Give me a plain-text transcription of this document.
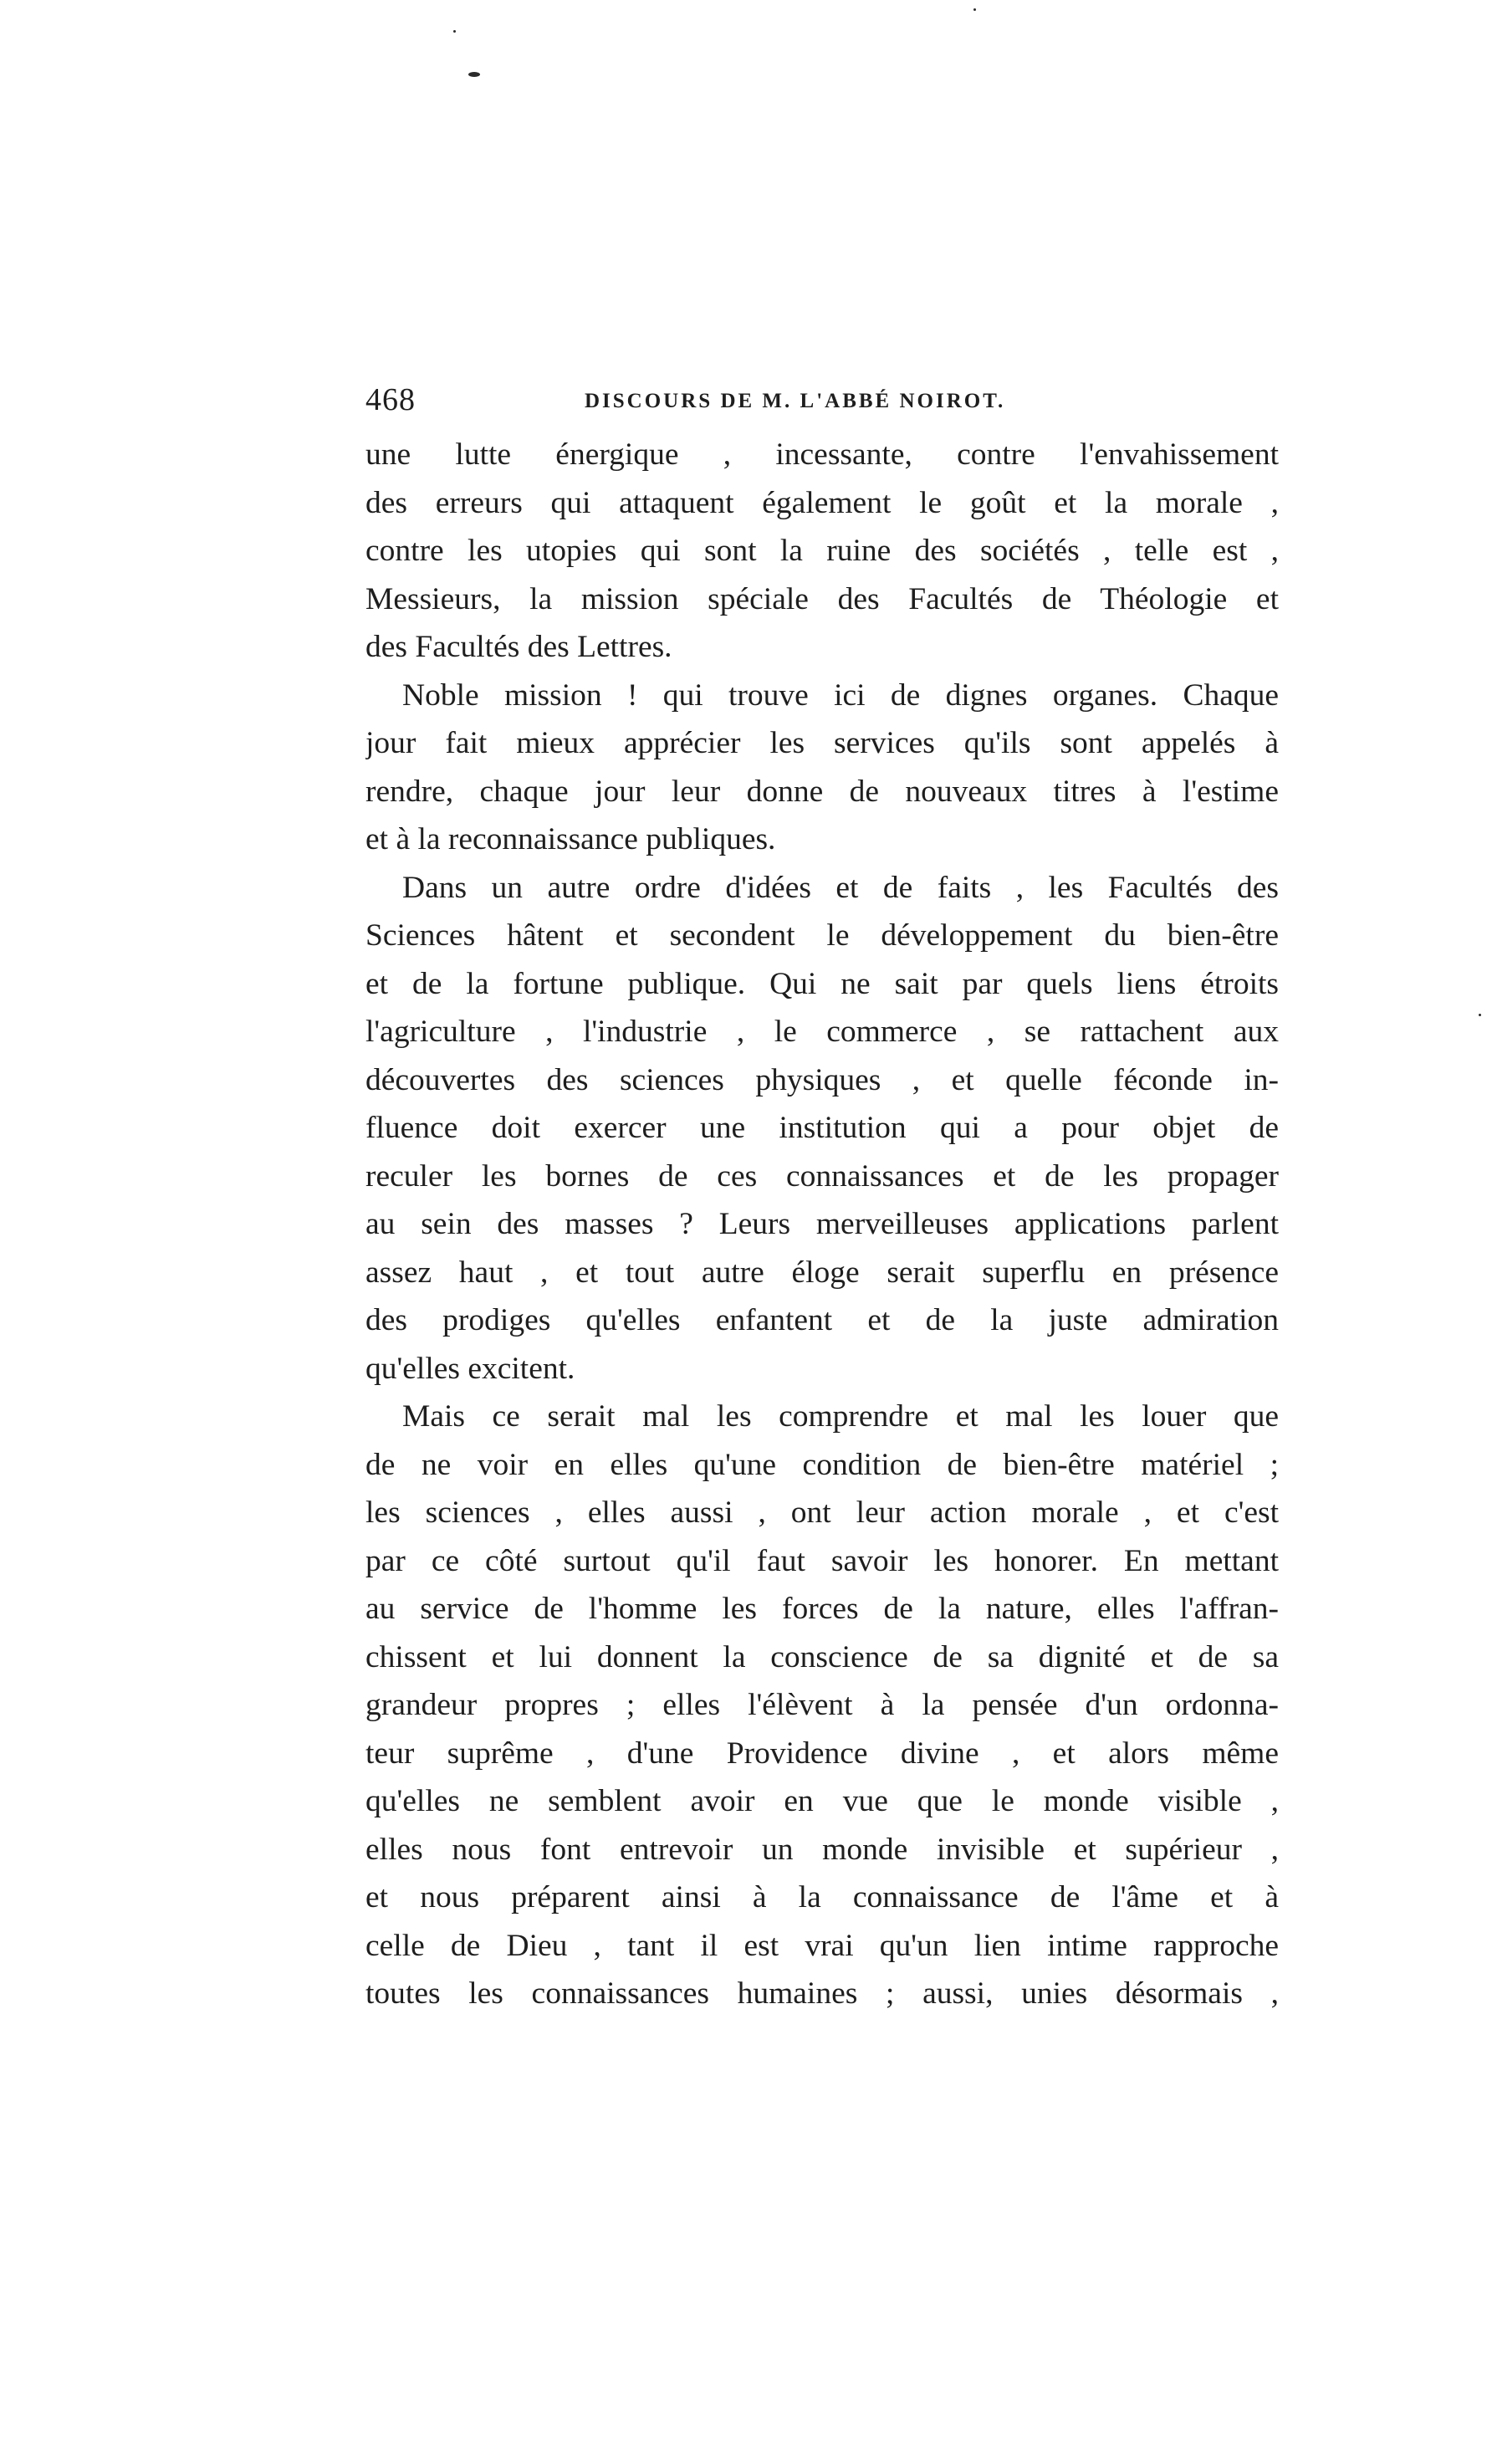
468	DISCOURS DE M. L'ABBÉ NOIROT.
une lutte énergique , incessante, contre l'envahissement
des erreurs qui attaquent également le goût et la morale ,
contre les utopies qui sont la ruine des sociétés , telle est ,
Messieurs, la mission spéciale des Facultés de Théologie et
des Facultés des Lettres.
Noble mission ! qui trouve ici de dignes organes. Chaque
jour fait mieux apprécier les services qu'ils sont appelés à
rendre, chaque jour leur donne de nouveaux titres à l'estime
et à la reconnaissance publiques.
Dans un autre ordre d'idées et de faits , les Facultés des
Sciences hâtent et secondent le développement du bien-être
et de la fortune publique. Qui ne sait par quels liens étroits
l'agriculture , l'industrie , le commerce , se rattachent aux
découvertes des sciences physiques , et quelle féconde in-
fluence doit exercer une institution qui a pour objet de
reculer les bornes de ces connaissances et de les propager
au sein des masses ? Leurs merveilleuses applications parlent
assez haut , et tout autre éloge serait superflu en présence
des prodiges qu'elles enfantent et de la juste admiration
qu'elles excitent.
Mais ce serait mal les comprendre et mal les louer que
de ne voir en elles qu'une condition de bien-être matériel ;
les sciences , elles aussi , ont leur action morale , et c'est
par ce côté surtout qu'il faut savoir les honorer. En mettant
au service de l'homme les forces de la nature, elles l'affran-
chissent et lui donnent la conscience de sa dignité et de sa
grandeur propres ; elles l'élèvent à la pensée d'un ordonna-
teur suprême , d'une Providence divine , et alors même
qu'elles ne semblent avoir en vue que le monde visible ,
elles nous font entrevoir un monde invisible et supérieur ,
et nous préparent ainsi à la connaissance de l'âme et à
celle de Dieu , tant il est vrai qu'un lien intime rapproche
toutes les connaissances humaines ; aussi, unies désormais ,
